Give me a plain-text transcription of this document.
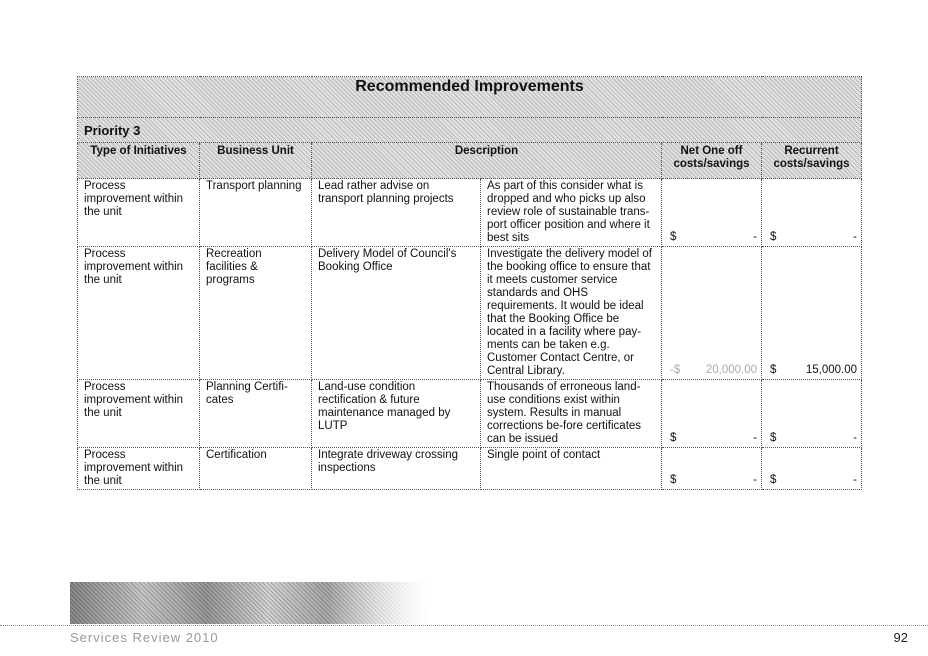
Recommended Improvements					
Priority 3					
Type of Initiatives	Business Unit	Description		Net One off costs/savings	Recurrent costs/savings
Process improvement within the unit	Transport planning	Lead rather advise on transport planning projects	As part of this consider what is dropped and who picks up also review role of sustainable trans-port officer position and where it best sits	$ -	$ -

Process improvement within the unit	Recreation facilities & programs	Delivery Model of Council's Booking Office	Investigate the delivery model of the booking office to ensure that it meets customer service standards and OHS requirements. It would be ideal that the Booking Office be located in a facility where pay-ments can be taken e.g. Customer Contact Centre, or Central Library.	-$ 20,000.00	$ 15,000.00

Process improvement within the unit	Planning Certifi-cates	Land-use condition rectification & future maintenance managed by LUTP	Thousands of erroneous land-use conditions exist within system. Results in manual corrections be-fore certificates can be issued	$ -	$ -

Process improvement within the unit	Certification	Integrate driveway crossing inspections	Single point of contact	$ -	$ -
Services Review 2010	92
